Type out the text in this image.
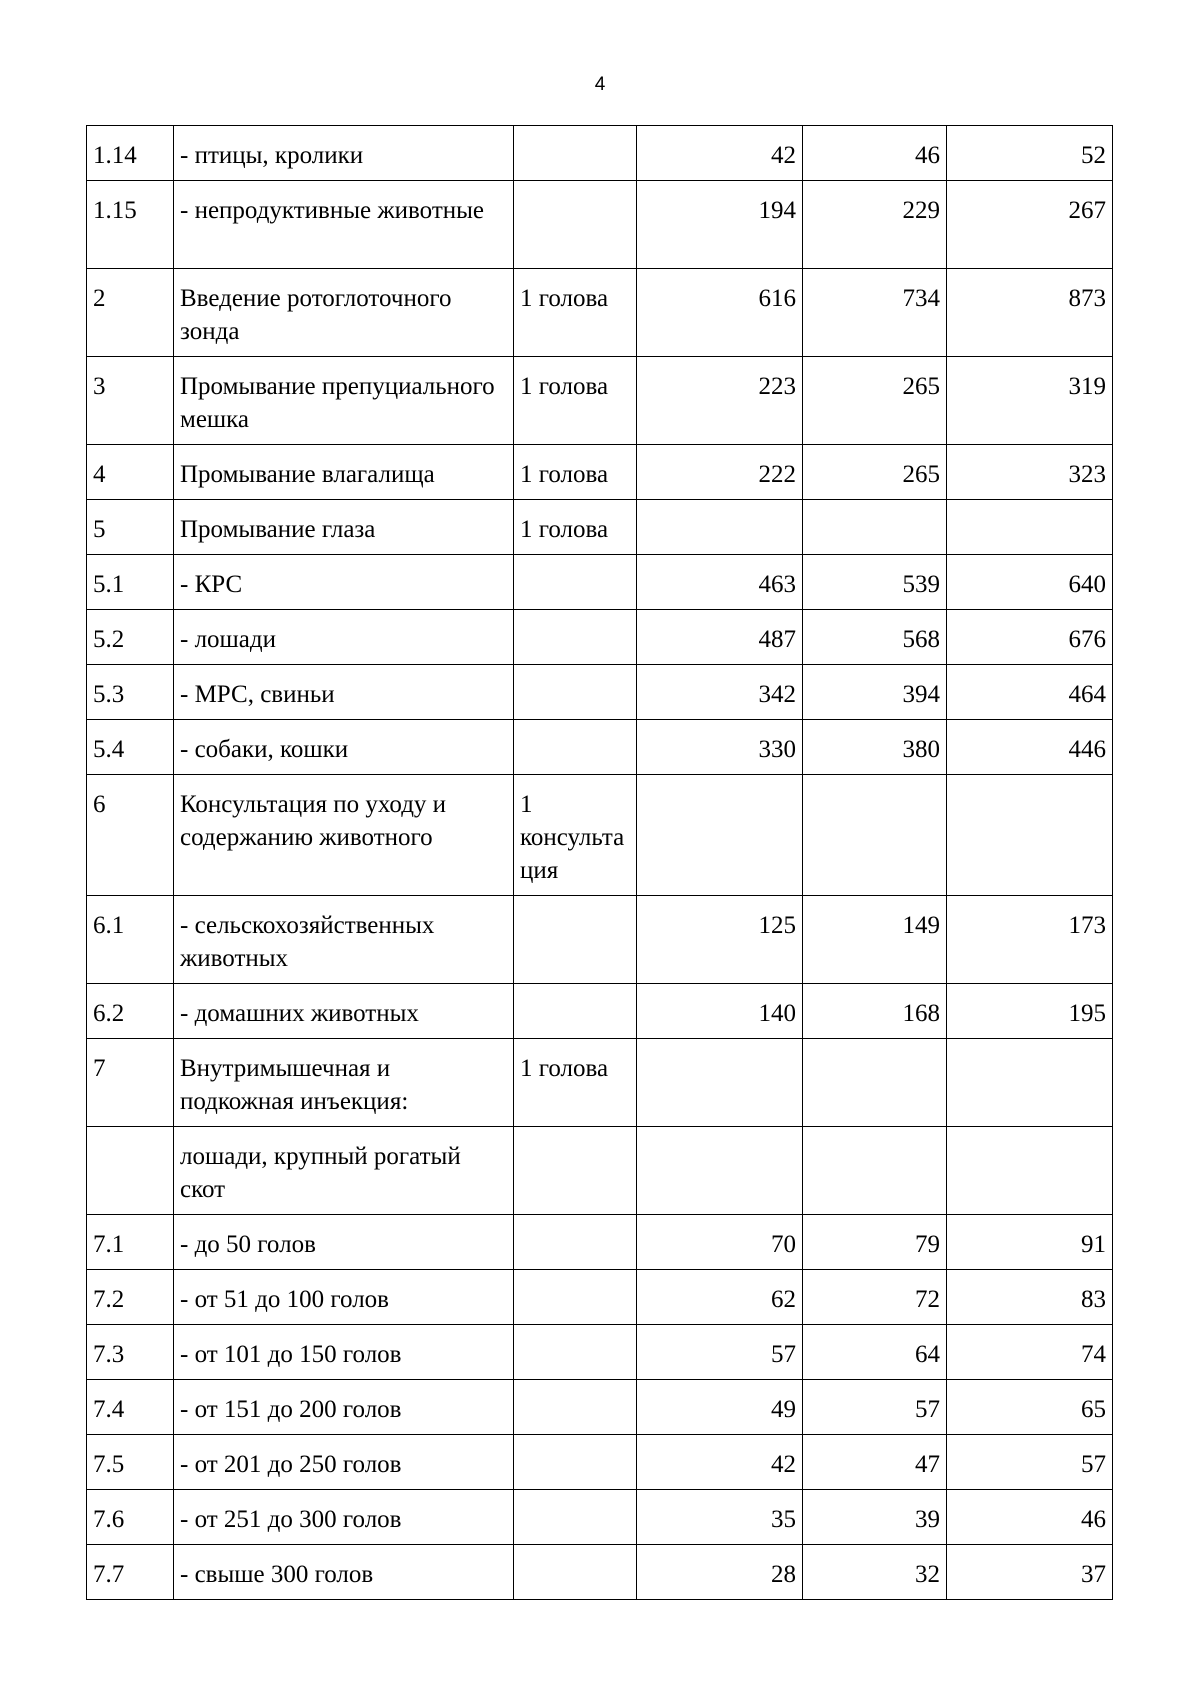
4
1.14	- птицы, кролики		42	46	52
1.15	- непродуктивные животные		194	229	267
2	Введение ротоглоточного зонда	1 голова	616	734	873
3	Промывание препуциального мешка	1 голова	223	265	319
4	Промывание влагалища	1 голова	222	265	323
5	Промывание глаза	1 голова			
5.1	- КРС		463	539	640
5.2	- лошади		487	568	676
5.3	- МРС, свиньи		342	394	464
5.4	- собаки, кошки		330	380	446
6	Консультация по уходу и содержанию животного	1 консультация			
6.1	- сельскохозяйственных животных		125	149	173
6.2	- домашних животных		140	168	195
7	Внутримышечная и подкожная инъекция:	1 голова			
	лошади, крупный рогатый скот				
7.1	- до 50 голов		70	79	91
7.2	- от 51 до 100 голов		62	72	83
7.3	- от 101 до 150 голов		57	64	74
7.4	- от 151 до 200 голов		49	57	65
7.5	- от 201 до 250 голов		42	47	57
7.6	- от 251 до 300 голов		35	39	46
7.7	- свыше 300 голов		28	32	37
